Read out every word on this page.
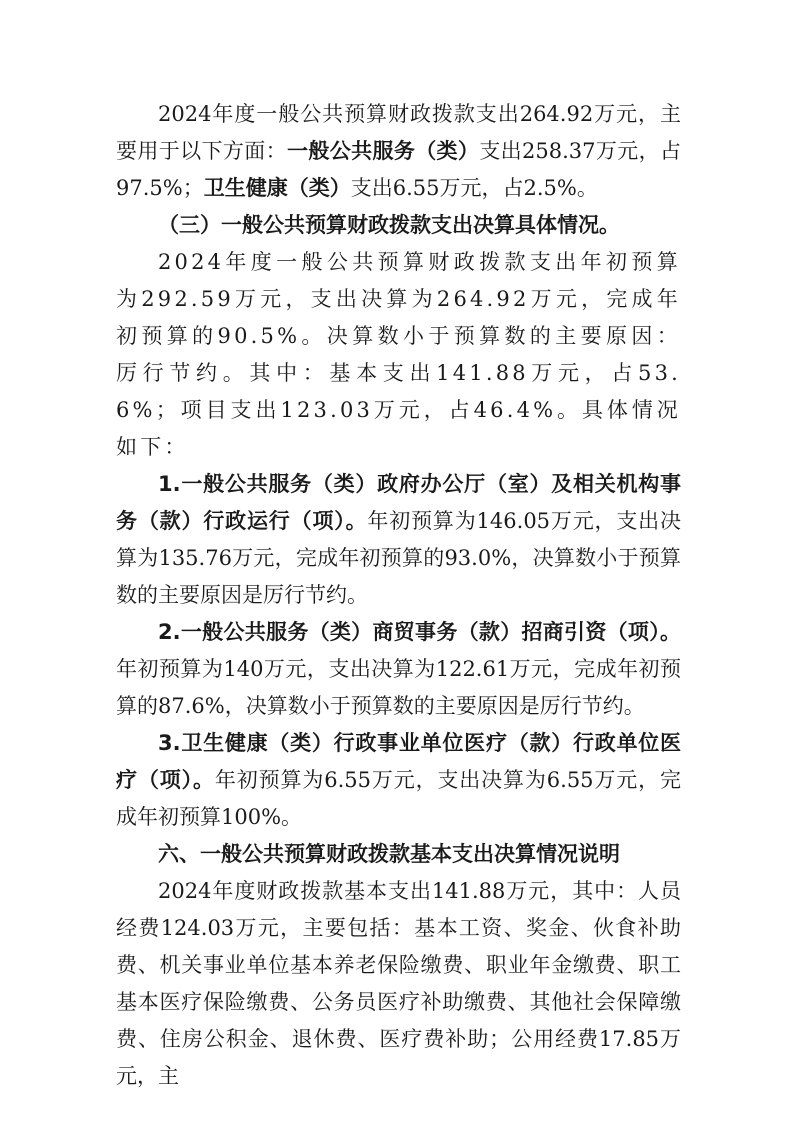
2024年度一般公共预算财政拨款支出264.92万元，主要用于以下方面：一般公共服务（类）支出258.37万元，占97.5%；卫生健康（类）支出6.55万元，占2.5%。

（三）一般公共预算财政拨款支出决算具体情况。

2024年度一般公共预算财政拨款支出年初预算为292.59万元，支出决算为264.92万元，完成年初预算的90.5%。决算数小于预算数的主要原因：厉行节约。其中：基本支出141.88万元，占53.6%；项目支出123.03万元，占46.4%。具体情况如下：

1.一般公共服务（类）政府办公厅（室）及相关机构事务（款）行政运行（项）。年初预算为146.05万元，支出决算为135.76万元，完成年初预算的93.0%，决算数小于预算数的主要原因是厉行节约。

2.一般公共服务（类）商贸事务（款）招商引资（项）。年初预算为140万元，支出决算为122.61万元，完成年初预算的87.6%，决算数小于预算数的主要原因是厉行节约。

3.卫生健康（类）行政事业单位医疗（款）行政单位医疗（项）。年初预算为6.55万元，支出决算为6.55万元，完成年初预算100%。

六、一般公共预算财政拨款基本支出决算情况说明

2024年度财政拨款基本支出141.88万元，其中：人员经费124.03万元，主要包括：基本工资、奖金、伙食补助费、机关事业单位基本养老保险缴费、职业年金缴费、职工基本医疗保险缴费、公务员医疗补助缴费、其他社会保障缴费、住房公积金、退休费、医疗费补助；公用经费17.85万元，主
